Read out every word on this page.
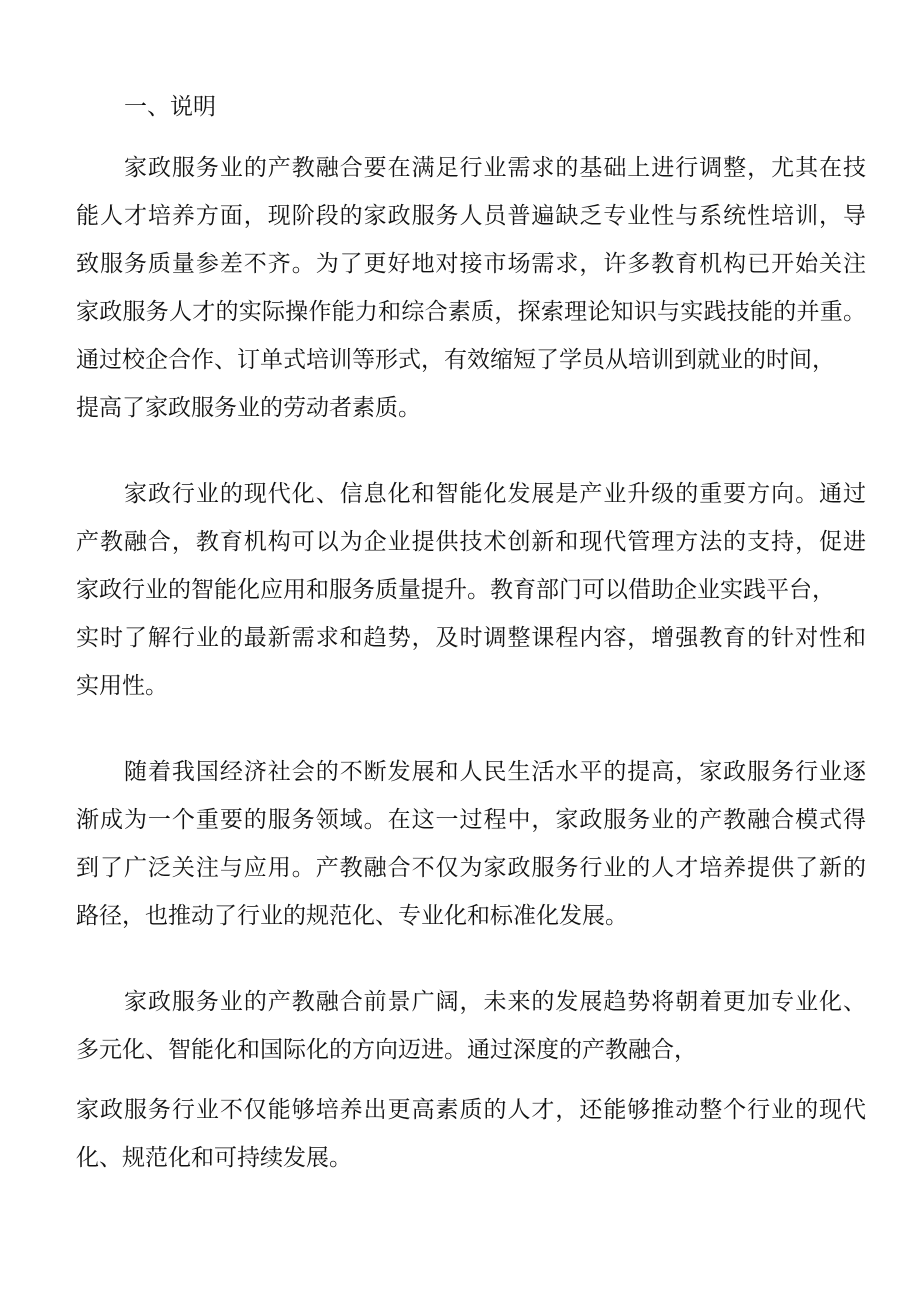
一、说明

家政服务业的产教融合要在满足行业需求的基础上进行调整，尤其在技

能人才培养方面，现阶段的家政服务人员普遍缺乏专业性与系统性培训，导

致服务质量参差不齐。为了更好地对接市场需求，许多教育机构已开始关注

家政服务人才的实际操作能力和综合素质，探索理论知识与实践技能的并重。

通过校企合作、订单式培训等形式，有效缩短了学员从培训到就业的时间，

提高了家政服务业的劳动者素质。

家政行业的现代化、信息化和智能化发展是产业升级的重要方向。通过

产教融合，教育机构可以为企业提供技术创新和现代管理方法的支持，促进

家政行业的智能化应用和服务质量提升。教育部门可以借助企业实践平台，

实时了解行业的最新需求和趋势，及时调整课程内容，增强教育的针对性和

实用性。

随着我国经济社会的不断发展和人民生活水平的提高，家政服务行业逐

渐成为一个重要的服务领域。在这一过程中，家政服务业的产教融合模式得

到了广泛关注与应用。产教融合不仅为家政服务行业的人才培养提供了新的

路径，也推动了行业的规范化、专业化和标准化发展。

家政服务业的产教融合前景广阔，未来的发展趋势将朝着更加专业化、

多元化、智能化和国际化的方向迈进。通过深度的产教融合，

家政服务行业不仅能够培养出更高素质的人才，还能够推动整个行业的现代

化、规范化和可持续发展。
